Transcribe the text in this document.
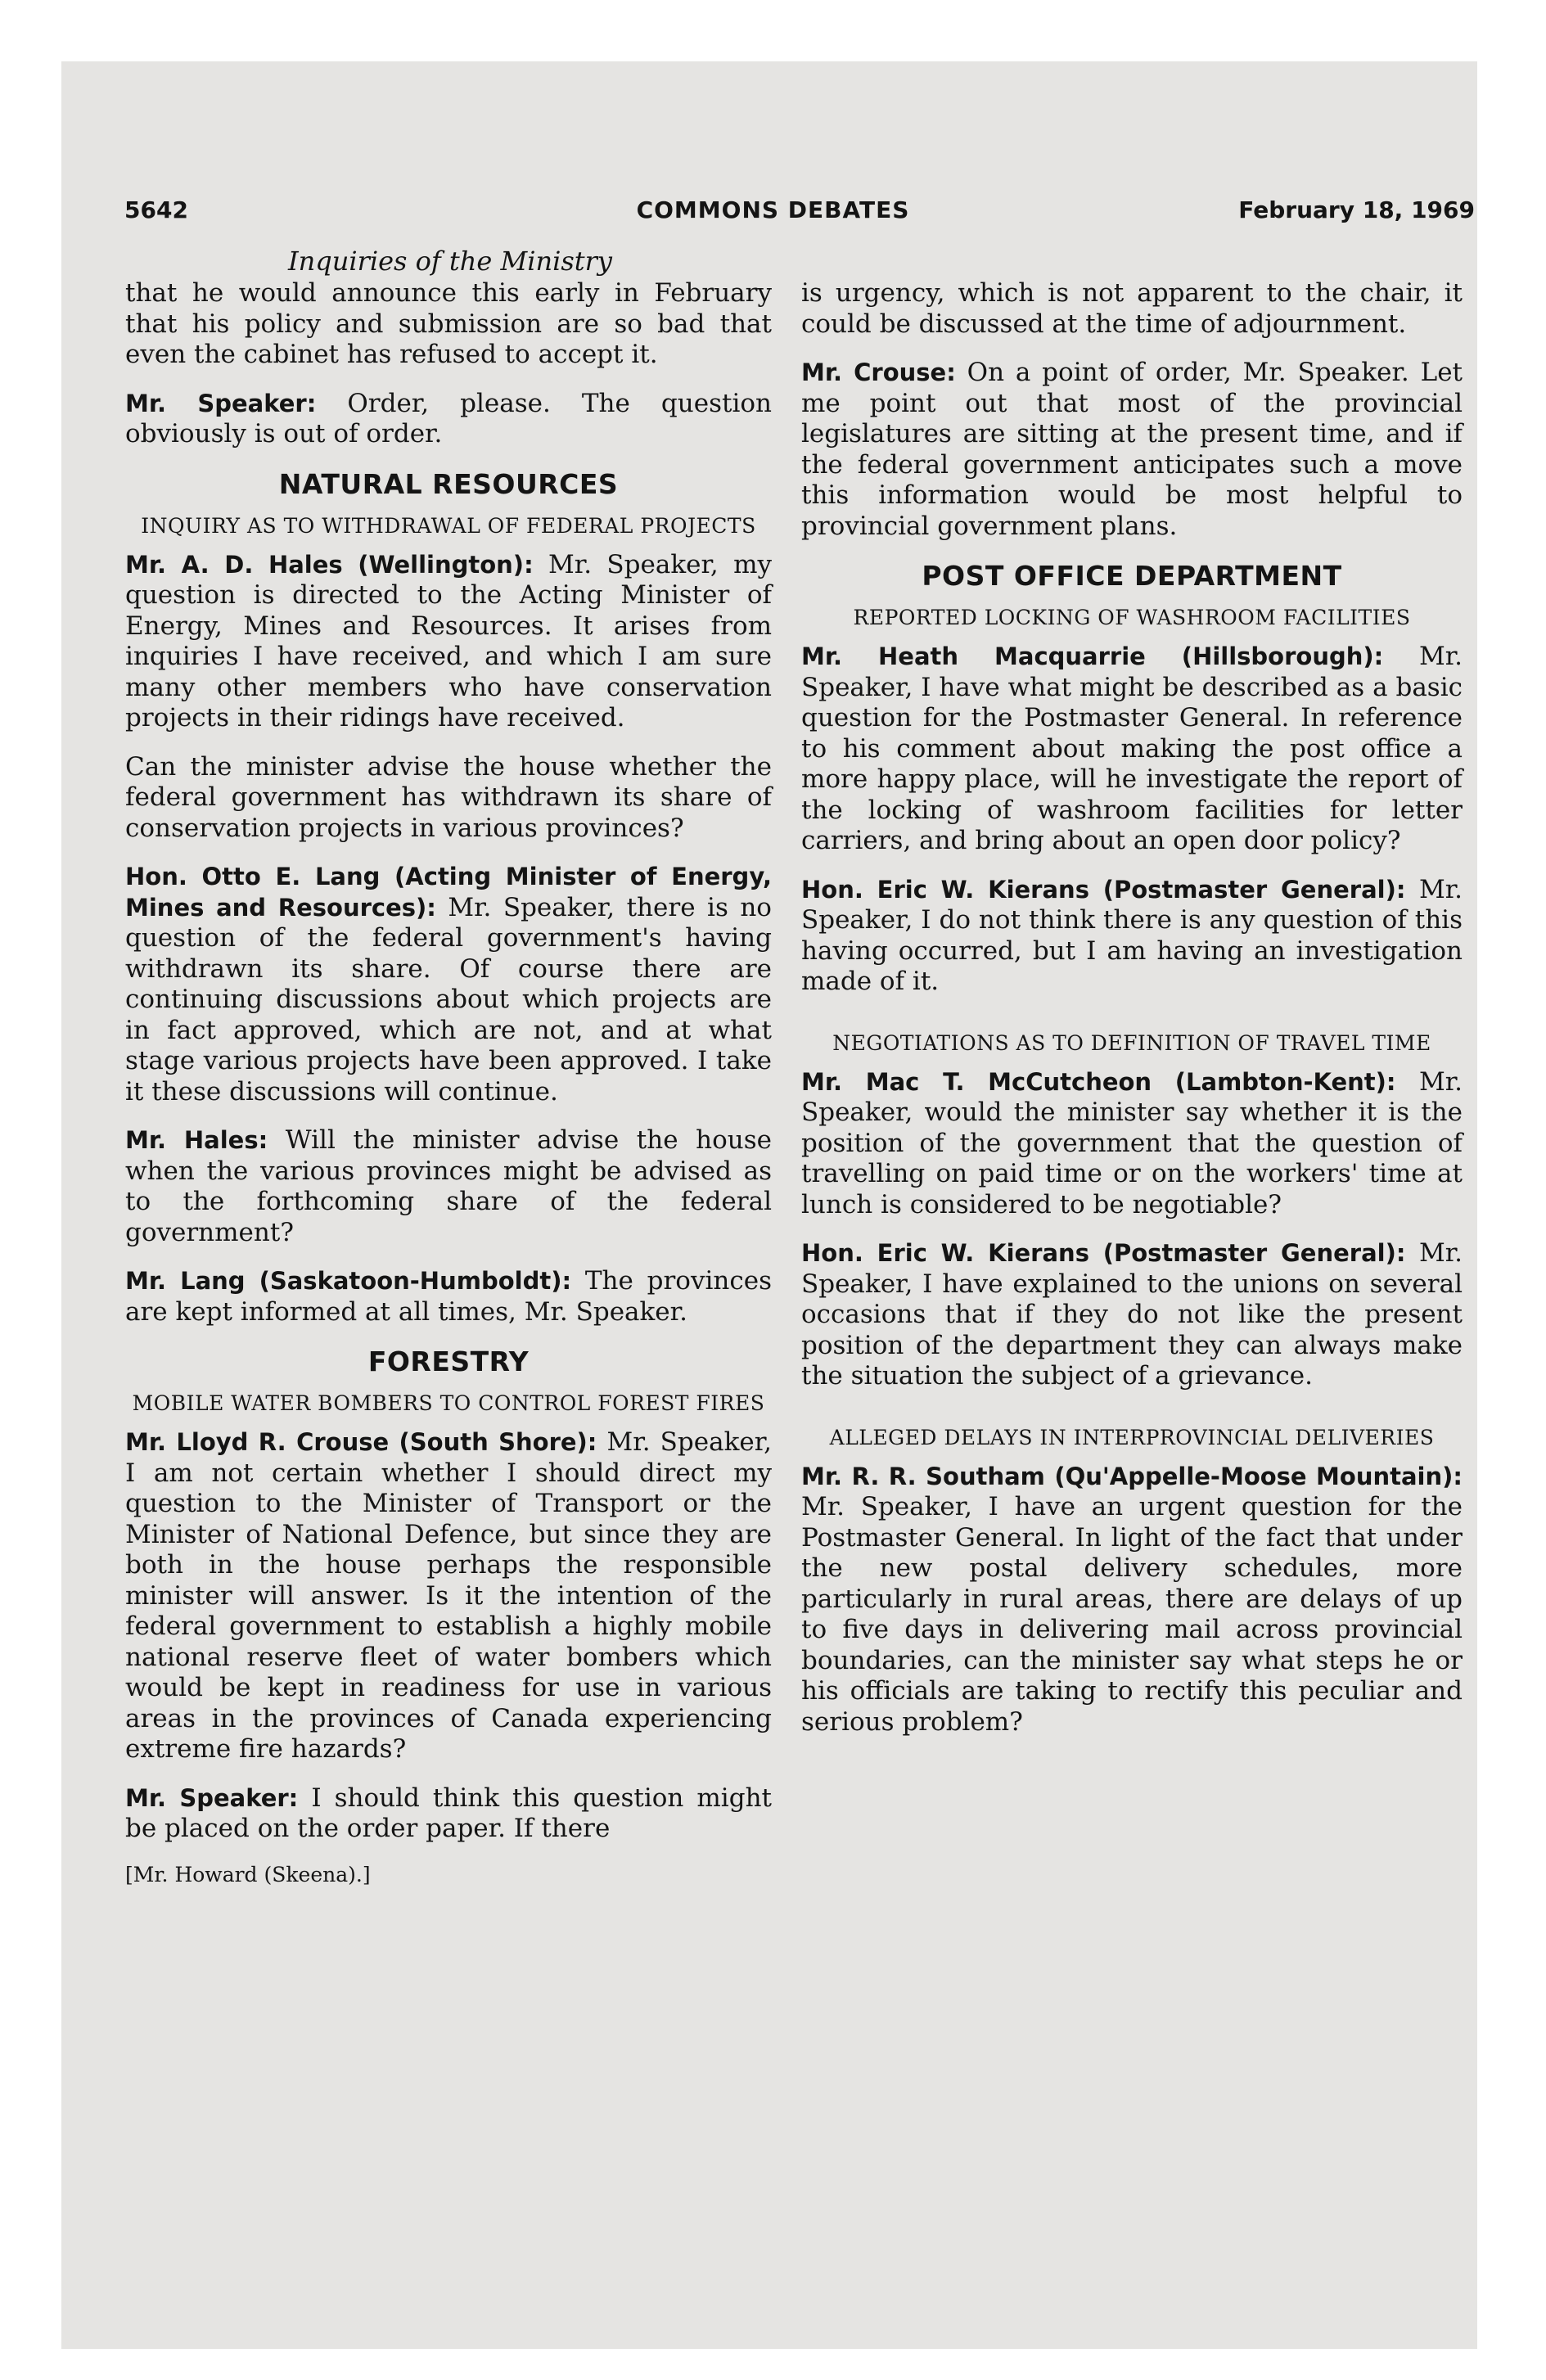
5642	COMMONS DEBATES	February 18, 1969
Inquiries of the Ministry

that he would announce this early in February that his policy and submission are so bad that even the cabinet has refused to accept it.

Mr. Speaker: Order, please. The question obviously is out of order.

NATURAL RESOURCES
INQUIRY AS TO WITHDRAWAL OF FEDERAL PROJECTS

Mr. A. D. Hales (Wellington): Mr. Speaker, my question is directed to the Acting Minister of Energy, Mines and Resources. It arises from inquiries I have received, and which I am sure many other members who have conservation projects in their ridings have received.

Can the minister advise the house whether the federal government has withdrawn its share of conservation projects in various provinces?

Hon. Otto E. Lang (Acting Minister of Energy, Mines and Resources): Mr. Speaker, there is no question of the federal government's having withdrawn its share. Of course there are continuing discussions about which projects are in fact approved, which are not, and at what stage various projects have been approved. I take it these discussions will continue.

Mr. Hales: Will the minister advise the house when the various provinces might be advised as to the forthcoming share of the federal government?

Mr. Lang (Saskatoon-Humboldt): The provinces are kept informed at all times, Mr. Speaker.

FORESTRY
MOBILE WATER BOMBERS TO CONTROL FOREST FIRES

Mr. Lloyd R. Crouse (South Shore): Mr. Speaker, I am not certain whether I should direct my question to the Minister of Transport or the Minister of National Defence, but since they are both in the house perhaps the responsible minister will answer. Is it the intention of the federal government to establish a highly mobile national reserve fleet of water bombers which would be kept in readiness for use in various areas in the provinces of Canada experiencing extreme fire hazards?

Mr. Speaker: I should think this question might be placed on the order paper. If there

[Mr. Howard (Skeena).]

is urgency, which is not apparent to the chair, it could be discussed at the time of adjournment.

Mr. Crouse: On a point of order, Mr. Speaker. Let me point out that most of the provincial legislatures are sitting at the present time, and if the federal government anticipates such a move this information would be most helpful to provincial government plans.

POST OFFICE DEPARTMENT
REPORTED LOCKING OF WASHROOM FACILITIES

Mr. Heath Macquarrie (Hillsborough): Mr. Speaker, I have what might be described as a basic question for the Postmaster General. In reference to his comment about making the post office a more happy place, will he investigate the report of the locking of washroom facilities for letter carriers, and bring about an open door policy?

Hon. Eric W. Kierans (Postmaster General): Mr. Speaker, I do not think there is any question of this having occurred, but I am having an investigation made of it.

NEGOTIATIONS AS TO DEFINITION OF TRAVEL TIME

Mr. Mac T. McCutcheon (Lambton-Kent): Mr. Speaker, would the minister say whether it is the position of the government that the question of travelling on paid time or on the workers' time at lunch is considered to be negotiable?

Hon. Eric W. Kierans (Postmaster General): Mr. Speaker, I have explained to the unions on several occasions that if they do not like the present position of the department they can always make the situation the subject of a grievance.

ALLEGED DELAYS IN INTERPROVINCIAL DELIVERIES

Mr. R. R. Southam (Qu'Appelle-Moose Mountain): Mr. Speaker, I have an urgent question for the Postmaster General. In light of the fact that under the new postal delivery schedules, more particularly in rural areas, there are delays of up to five days in delivering mail across provincial boundaries, can the minister say what steps he or his officials are taking to rectify this peculiar and serious problem?
